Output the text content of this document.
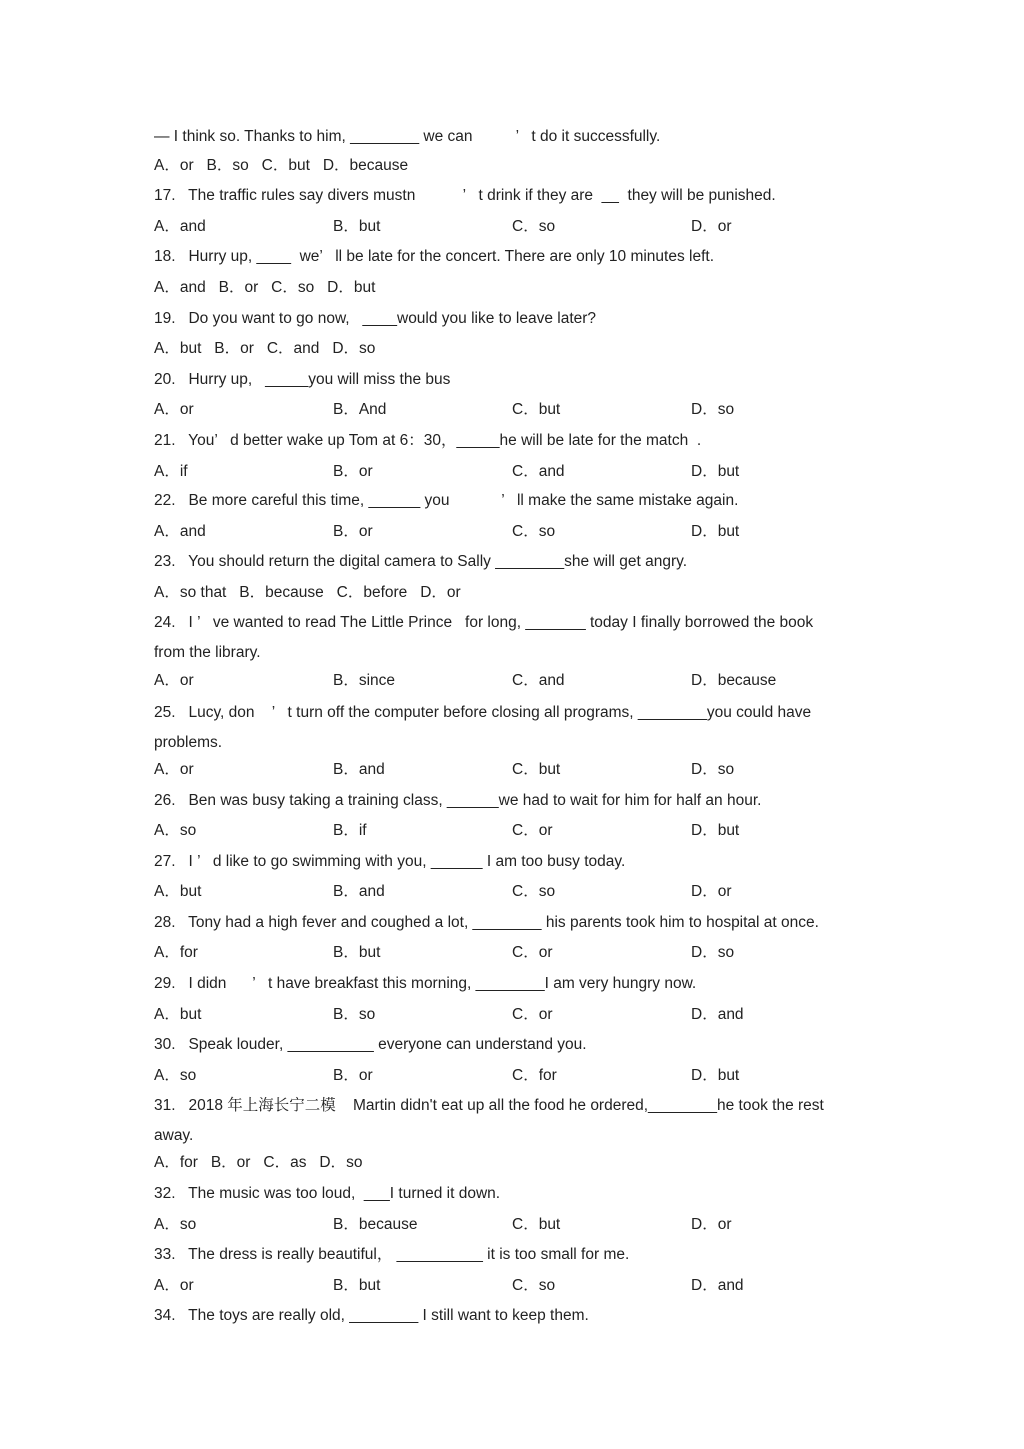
— I think so. Thanks to him, ________ we can          ’   t do it successfully.
A．or   B．so   C．but   D．because
17.   The traffic rules say divers mustn           ’   t drink if they are  __  they will be punished.
A．and	B．but	C．so	D．or
18.   Hurry up, ____  we’   ll be late for the concert. There are only 10 minutes left.
A．and   B．or   C．so   D．but
19.   Do you want to go now,   ____would you like to leave later?
A．but   B．or   C．and   D．so
20.   Hurry up,   _____you will miss the bus
A．or	B．And	C．but	D．so
21.   You’   d better wake up Tom at 6：30，_____he will be late for the match  .
A．if	B．or	C．and	D．but
22.   Be more careful this time, ______ you            ’   ll make the same mistake again.
A．and	B．or	C．so	D．but
23.   You should return the digital camera to Sally ________she will get angry.
A．so that   B．because   C．before   D．or
24.   I ’   ve wanted to read The Little Prince   for long, _______ today I finally borrowed the book
from the library.
A．or	B．since	C．and	D．because
25.   Lucy, don    ’   t turn off the computer before closing all programs, ________you could have
problems.
A．or	B．and	C．but	D．so
26.   Ben was busy taking a training class, ______we had to wait for him for half an hour.
A．so	B．if	C．or	D．but
27.   I ’   d like to go swimming with you, ______ I am too busy today.
A．but	B．and	C．so	D．or
28.   Tony had a high fever and coughed a lot, ________ his parents took him to hospital at once.
A．for	B．but	C．or	D．so
29.   I didn      ’   t have breakfast this morning, ________I am very hungry now.
A．but	B．so	C．or	D．and
30.   Speak louder, __________ everyone can understand you.
A．so	B．or	C．for	D．but
31.   2018 年上海长宁二模    Martin didn't eat up all the food he ordered,________he took the rest
away.
A．for   B．or   C．as   D．so
32.   The music was too loud,  ___I turned it down.
A．so	B．because	C．but	D．or
33.   The dress is really beautiful， __________ it is too small for me.
A．or	B．but	C．so	D．and
34.   The toys are really old, ________ I still want to keep them.
